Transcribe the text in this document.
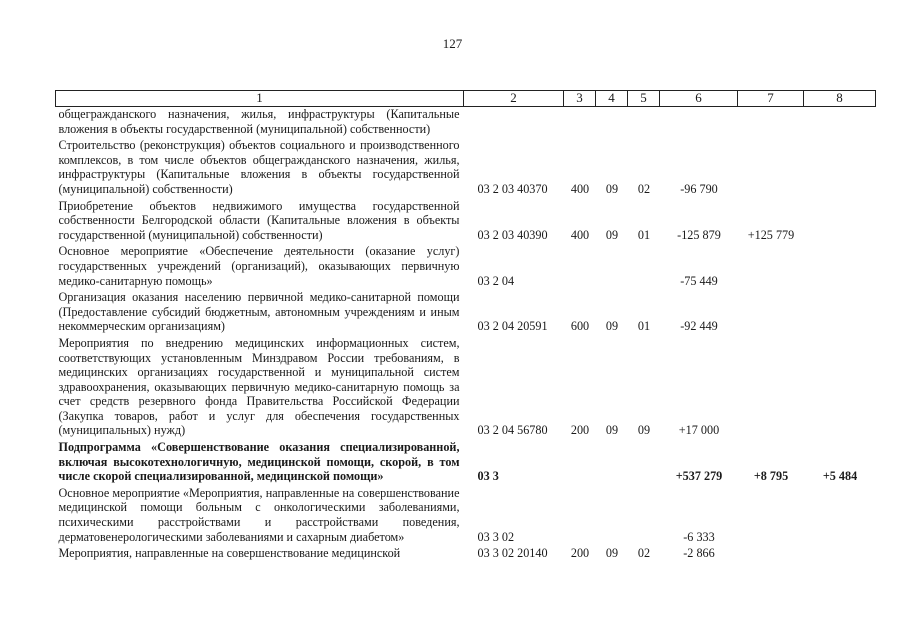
127
1	2	3	4	5	6	7	8
общегражданского назначения, жилья, инфраструктуры (Капитальные вложения в объекты государственной (муниципальной) собственности)							
Строительство (реконструкция) объектов социального и производственного комплексов, в том числе объектов общегражданского назначения, жилья, инфраструктуры (Капитальные вложения в объекты государственной (муниципальной) собственности)	03 2 03 40370	400	09	02	-96 790		
Приобретение объектов недвижимого имущества государственной собственности Белгородской области (Капитальные вложения в объекты государственной (муниципальной) собственности)	03 2 03 40390	400	09	01	-125 879	+125 779	
Основное мероприятие «Обеспечение деятельности (оказание услуг) государственных учреждений (организаций), оказывающих первичную медико-санитарную помощь»	03 2 04				-75 449		
Организация оказания населению первичной медико-санитарной помощи (Предоставление субсидий бюджетным, автономным учреждениям и иным некоммерческим организациям)	03 2 04 20591	600	09	01	-92 449		
Мероприятия по внедрению медицинских информационных систем, соответствующих установленным Минздравом России требованиям, в медицинских организациях государственной и муниципальной систем здравоохранения, оказывающих первичную медико-санитарную помощь за счет средств резервного фонда Правительства Российской Федерации (Закупка товаров, работ и услуг для обеспечения государственных (муниципальных) нужд)	03 2 04 56780	200	09	09	+17 000		
Подпрограмма «Совершенствование оказания специализированной, включая высокотехнологичную, медицинской помощи, скорой, в том числе скорой специализированной, медицинской помощи»	03 3				+537 279	+8 795	+5 484
Основное мероприятие «Мероприятия, направленные на совершенствование медицинской помощи больным с онкологическими заболеваниями, психическими расстройствами и расстройствами поведения, дерматовенерологическими заболеваниями и сахарным диабетом»	03 3 02				-6 333		
Мероприятия, направленные на совершенствование медицинской	03 3 02 20140	200	09	02	-2 866		
